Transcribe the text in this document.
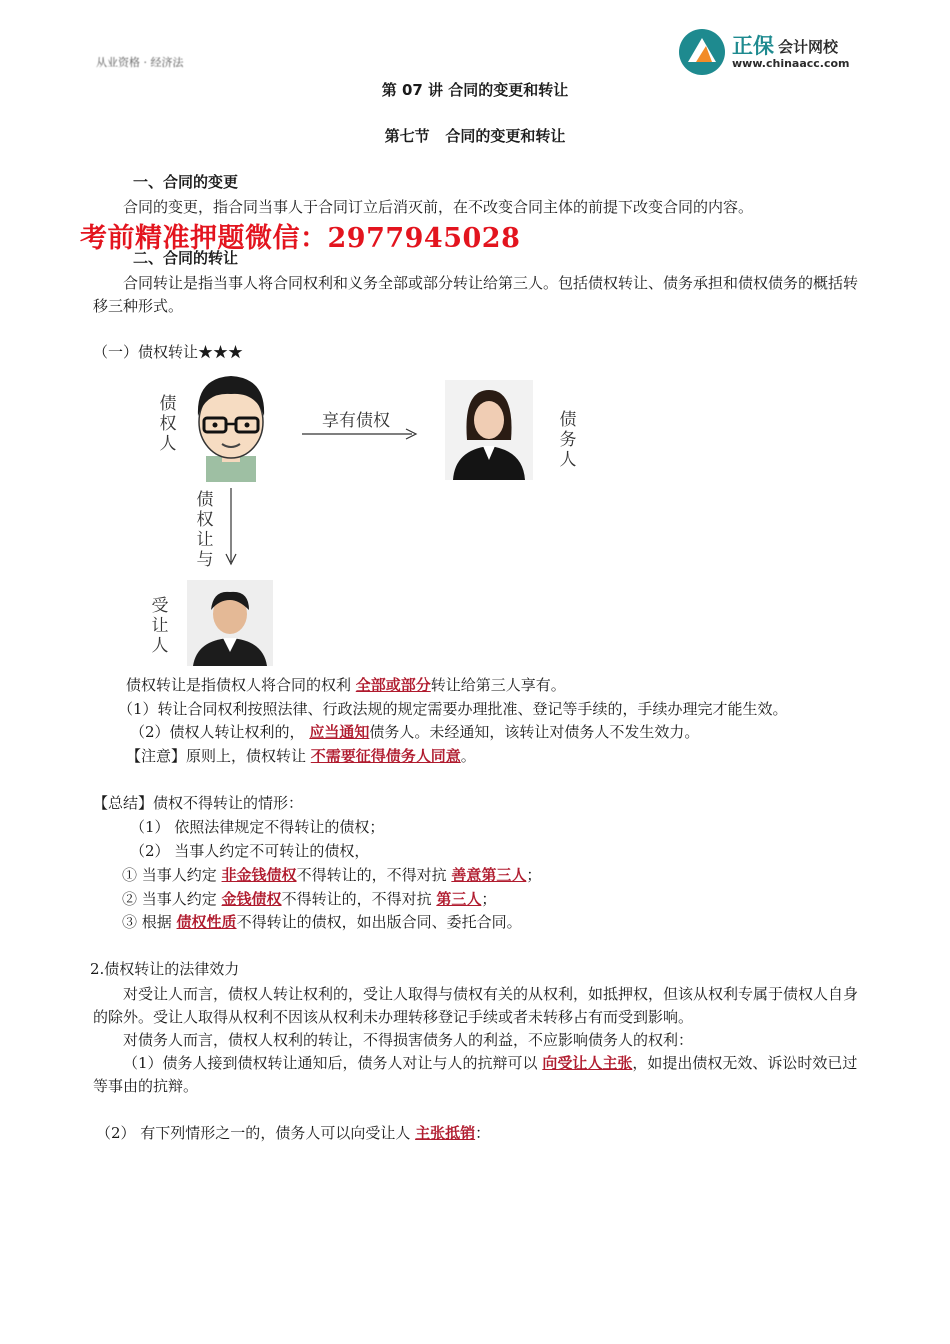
从业资格 · 经济法
正保 会计网校
www.chinaacc.com
第 07 讲 合同的变更和转让
第七节   合同的变更和转让
一、合同的变更
合同的变更，指合同当事人于合同订立后消灭前，在不改变合同主体的前提下改变合同的内容。
考前精准押题微信：2977945028
二、合同的转让
合同转让是指当事人将合同权利和义务全部或部分转让给第三人。包括债权转让、债务承担和债权债务的概括转移三种形式。
（一）债权转让★★★
债
权
人
享有债权	债
务
人
债
权
让
与
受
让
人
债权转让是指债权人将合同的权利 全部或部分转让给第三人享有。
（1）转让合同权利按照法律、行政法规的规定需要办理批准、登记等手续的，手续办理完才能生效。
（2）债权人转让权利的， 应当通知债务人。未经通知，该转让对债务人不发生效力。
【注意】原则上，债权转让 不需要征得债务人同意。
【总结】债权不得转让的情形：
（1） 依照法律规定不得转让的债权；
（2） 当事人约定不可转让的债权，
① 当事人约定 非金钱债权不得转让的，不得对抗 善意第三人；
② 当事人约定 金钱债权不得转让的，不得对抗 第三人；
③ 根据 债权性质不得转让的债权，如出版合同、委托合同。
2.债权转让的法律效力
对受让人而言，债权人转让权利的，受让人取得与债权有关的从权利，如抵押权，但该从权利专属于债权人自身的除外。受让人取得从权利不因该从权利未办理转移登记手续或者未转移占有而受到影响。
对债务人而言，债权人权利的转让，不得损害债务人的利益，不应影响债务人的权利：
（1）债务人接到债权转让通知后，债务人对让与人的抗辩可以 向受让人主张，如提出债权无效、诉讼时效已过等事由的抗辩。
（2） 有下列情形之一的，债务人可以向受让人 主张抵销：
